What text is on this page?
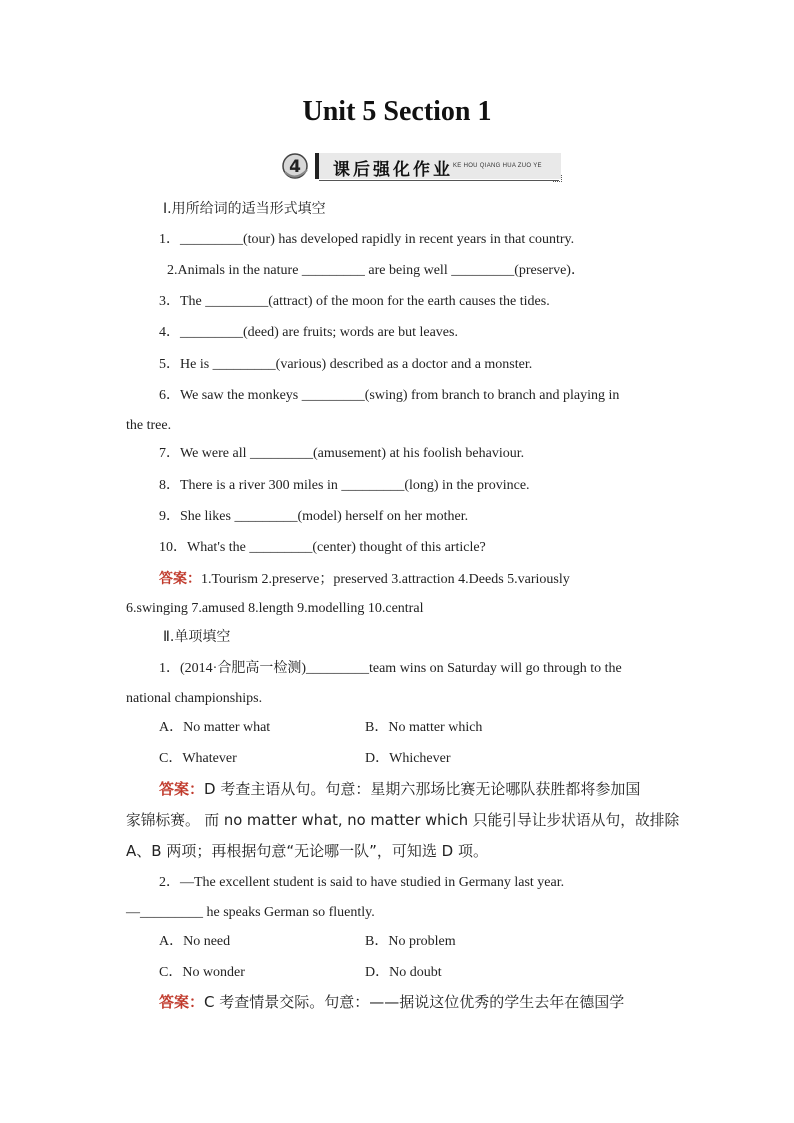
Unit 5 Section 1
4 课后强化作业 KE HOU QIANG HUA ZUO YE
Ⅰ.用所给词的适当形式填空
1．_________(tour) has developed rapidly in recent years in that country.
2.Animals in the nature _________ are being well _________(preserve)．
3．The _________(attract) of the moon for the earth causes the tides.
4．_________(deed) are fruits; words are but leaves.
5．He is _________(various) described as a doctor and a monster.
6．We saw the monkeys _________(swing) from branch to branch and playing in
the tree.
7．We were all _________(amusement) at his foolish behaviour.
8．There is a river 300 miles in _________(long) in the province.
9．She likes _________(model) herself on her mother.
10．What's the _________(center) thought of this article?
答案：1.Tourism 2.preserve；preserved 3.attraction 4.Deeds 5.variously
6.swinging 7.amused 8.length 9.modelling 10.central
Ⅱ.单项填空
1．(2014·合肥高一检测)_________team wins on Saturday will go through to the
national championships.
A．No matter what	B．No matter which
C．Whatever	D．Whichever
答案：D 考查主语从句。句意：星期六那场比赛无论哪队获胜都将参加国
家锦标赛。 而 no matter what, no matter which 只能引导让步状语从句，故排除
A、B 两项；再根据句意“无论哪一队”，可知选 D 项。
2．—The excellent student is said to have studied in Germany last year.
—_________ he speaks German so fluently.
A．No need	B．No problem
C．No wonder	D．No doubt
答案：C 考查情景交际。句意：——据说这位优秀的学生去年在德国学
